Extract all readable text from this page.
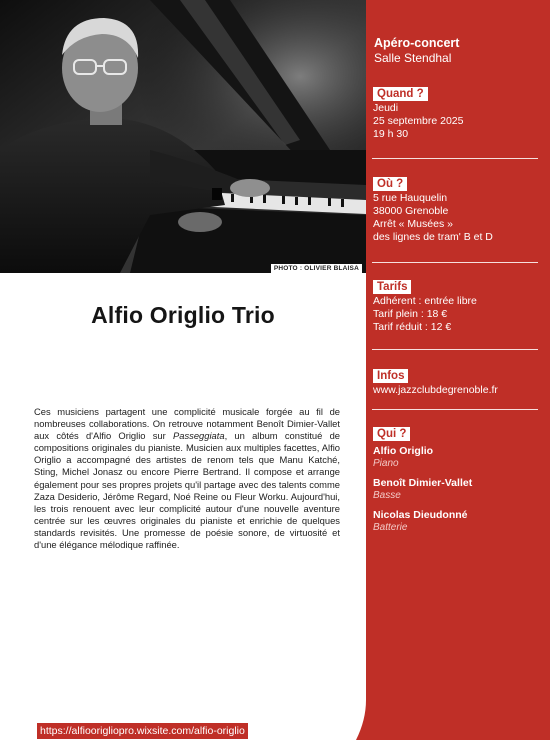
PHOTO : OLIVIER BLAISA
Alfio Origlio Trio

Ces musiciens partagent une complicité musicale forgée au fil de nombreuses collaborations. On retrouve notamment Benoît Dimier-Vallet aux côtés d'Alfio Origlio sur Passeggiata, un album constitué de compositions originales du pianiste. Musicien aux multiples facettes, Alfio Origlio a accompagné des artistes de renom tels que Manu Katché, Sting, Michel Jonasz ou encore Pierre Bertrand. Il compose et arrange également pour ses propres projets qu'il partage avec des talents comme Zaza Desiderio, Jérôme Regard, Noé Reine ou Fleur Worku. Aujourd'hui, les trois renouent avec leur complicité autour d'une nouvelle aventure centrée sur les œuvres originales du pianiste et enrichie de quelques standards revisités. Une promesse de poésie sonore, de virtuosité et d'une élégance mélodique raffinée.

https://alfioorigliopro.wixsite.com/alfio-origlio
Apéro-concert
Salle Stendhal
Quand ?
Jeudi
25 septembre 2025
19 h 30
Où ?
5 rue Hauquelin
38000 Grenoble
Arrêt « Musées »
des lignes de tram' B et D
Tarifs
Adhérent : entrée libre
Tarif plein : 18 €
Tarif réduit : 12 €
Infos
www.jazzclubdegrenoble.fr
Qui ?
Alfio Origlio
Piano
Benoît Dimier-Vallet
Basse
Nicolas Dieudonné
Batterie
